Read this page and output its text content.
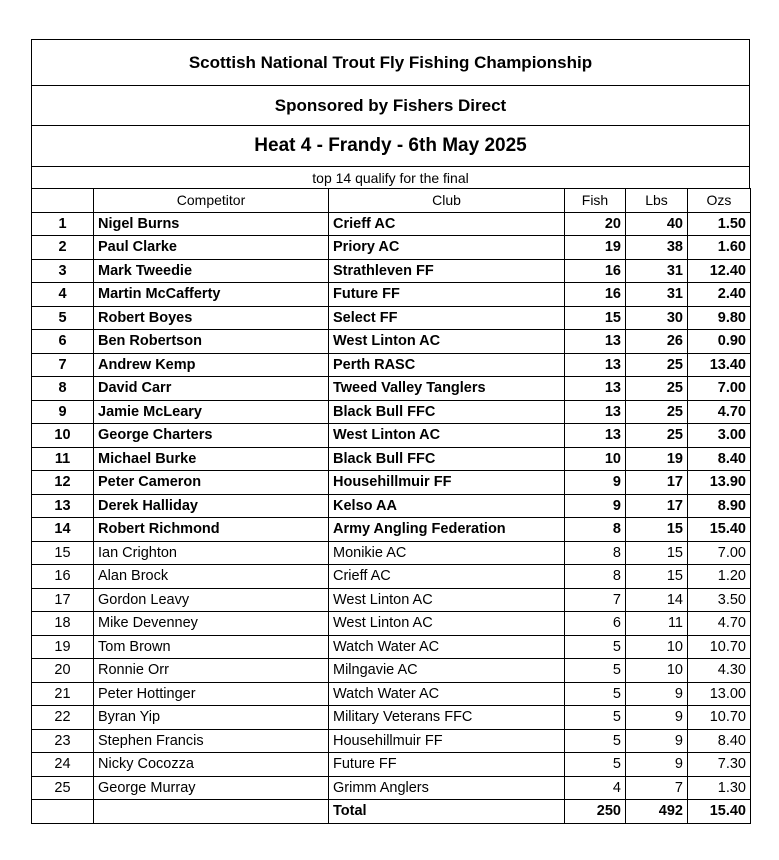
Scottish National Trout Fly Fishing Championship
Sponsored by Fishers Direct
Heat 4 - Frandy - 6th May 2025
top 14 qualify for the final
	Competitor	Club	Fish	Lbs	Ozs
1	Nigel Burns	Crieff AC	20	40	1.50
2	Paul Clarke	Priory AC	19	38	1.60
3	Mark Tweedie	Strathleven FF	16	31	12.40
4	Martin McCafferty	Future FF	16	31	2.40
5	Robert Boyes	Select FF	15	30	9.80
6	Ben Robertson	West Linton AC	13	26	0.90
7	Andrew Kemp	Perth RASC	13	25	13.40
8	David Carr	Tweed Valley Tanglers	13	25	7.00
9	Jamie McLeary	Black Bull FFC	13	25	4.70
10	George Charters	West Linton AC	13	25	3.00
11	Michael Burke	Black Bull FFC	10	19	8.40
12	Peter Cameron	Househillmuir FF	9	17	13.90
13	Derek Halliday	Kelso AA	9	17	8.90
14	Robert Richmond	Army Angling Federation	8	15	15.40
15	Ian Crighton	Monikie AC	8	15	7.00
16	Alan Brock	Crieff AC	8	15	1.20
17	Gordon Leavy	West Linton AC	7	14	3.50
18	Mike Devenney	West Linton AC	6	11	4.70
19	Tom Brown	Watch Water AC	5	10	10.70
20	Ronnie Orr	Milngavie AC	5	10	4.30
21	Peter Hottinger	Watch Water AC	5	9	13.00
22	Byran Yip	Military Veterans FFC	5	9	10.70
23	Stephen Francis	Househillmuir FF	5	9	8.40
24	Nicky Cocozza	Future FF	5	9	7.30
25	George Murray	Grimm Anglers	4	7	1.30
		Total	250	492	15.40
